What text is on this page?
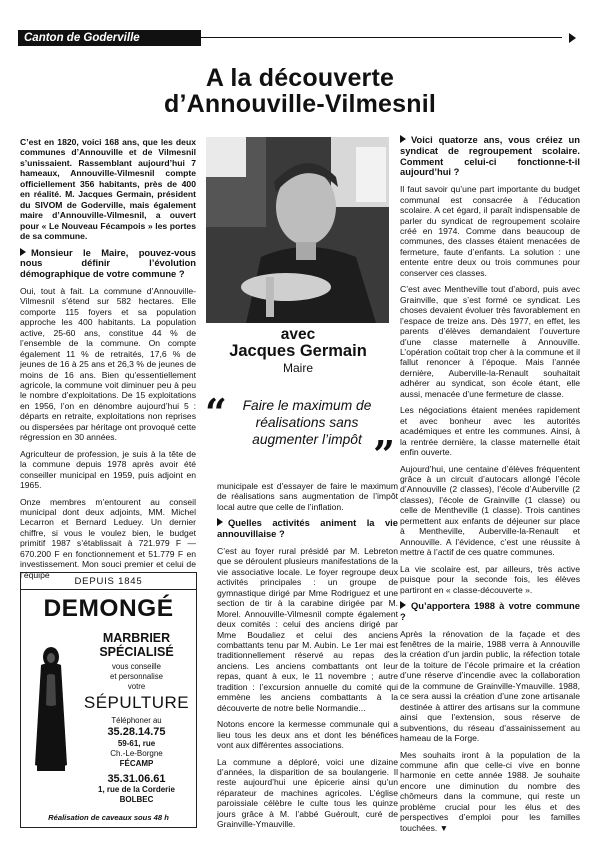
Canton de Goderville
A la découverte
d’Annouville-Vilmesnil

C’est en 1820, voici 168 ans, que les deux communes d’Annouville et de Vilmesnil s’unissaient. Rassemblant aujourd’hui 7 hameaux, Annouville-Vilmesnil compte officiellement 356 habitants, près de 400 en réalité. M. Jacques Germain, président du SIVOM de Goderville, mais également maire d’Annouville-Vilmesnil, a ouvert pour « Le Nouveau Fécampois » les portes de sa commune.

Monsieur le Maire, pouvez-vous nous définir l’évolution démographique de votre commune ?

Oui, tout à fait. La commune d’Annouville-Vilmesnil s’étend sur 582 hectares. Elle comporte 115 foyers et sa population approche les 400 habitants. La population active, 25-60 ans, constitue 44 % de l’ensemble de la commune. On compte également 11 % de retraités, 17,6 % de jeunes de 16 à 25 ans et 26,3 % de jeunes de moins de 16 ans. Bien qu’essentiellement agricole, la commune voit diminuer peu à peu le nombre d’exploitations. De 15 exploitations en 1956, l’on en dénombre aujourd’hui 5 : départs en retraite, exploitations non reprises ou dispersées par héritage ont provoqué cette régression en 30 années.

Agriculteur de profession, je suis à la tête de la commune depuis 1978 après avoir été conseiller municipal en 1959, puis adjoint en 1965.

Onze membres m’entourent au conseil municipal dont deux adjoints, MM. Michel Lecarron et Bernard Leduey. Un dernier chiffre, si vous le voulez bien, le budget primitif 1987 s’établissait à 721.979 F — 670.200 F en fonctionnement et 51.779 F en investissement. Mon souci premier et celui de l’équipe

avec
Jacques Germain
Maire
“	Faire le maximum de réalisations sans augmenter l’impôt ”

municipale est d’essayer de faire le maximum de réalisations sans augmentation de l’impôt local autre que celle de l’inflation.

Quelles activités animent la vie annouvillaise ?

C’est au foyer rural présidé par M. Lebreton que se déroulent plusieurs manifestations de la vie associative locale. Le foyer regroupe deux activités principales : un groupe de gymnastique dirigé par Mme Rodriguez et une section de tir à la carabine dirigée par M. Morel. Annouville-Vilmesnil compte également deux comités : celui des anciens dirigé par Mme Boudaliez et celui des anciens combattants tenu par M. Aubin. Le 1er mai est traditionnellement réservé au repas des anciens. Les anciens combattants ont leur repas, quant à eux, le 11 novembre ; autre tradition : l’excursion annuelle du comité qui emmène les anciens combattants à la découverte de notre belle Normandie...

Notons encore la kermesse communale qui a lieu tous les deux ans et dont les bénéfices vont aux différentes associations.

La commune a déploré, voici une dizaine d’années, la disparition de sa boulangerie. Il reste aujourd’hui une épicerie ainsi qu’un réparateur de machines agricoles. L’église paroissiale célèbre le culte tous les quinze jours grâce à M. l’abbé Guéroult, curé de Grainville-Ymauville.

Voici quatorze ans, vous créiez un syndicat de regroupement scolaire. Comment celui-ci fonctionne-t-il aujourd’hui ?

Il faut savoir qu’une part importante du budget communal est consacrée à l’éducation scolaire. A cet égard, il paraît indispensable de parler du syndicat de regroupement scolaire créé en 1974. Comme dans beaucoup de communes, des classes étaient menacées de fermeture, faute d’enfants. La solution : une entente entre deux ou trois communes pour conserver ces classes.

C’est avec Mentheville tout d’abord, puis avec Grainville, que s’est formé ce syndicat. Les choses devaient évoluer très favorablement en l’espace de treize ans. Dès 1977, en effet, les parents d’élèves demandaient l’ouverture d’une classe maternelle à Annouville. L’opération coûtait trop cher à la commune et il fallut renoncer à l’époque. Mais l’année dernière, Auberville-la-Renault souhaitait adhérer au syndicat, son école étant, elle aussi, menacée d’une fermeture de classe.

Les négociations étaient menées rapidement et avec bonheur avec les autorités académiques et entre les communes. Ainsi, à la rentrée dernière, la classe maternelle était enfin ouverte.

Aujourd’hui, une centaine d’élèves fréquentent grâce à un circuit d’autocars allongé l’école d’Annouville (2 classes), l’école d’Auberville (2 classes), l’école de Grainville (1 classe) ou celle de Mentheville (1 classe). Trois cantines permettent aux enfants de déjeuner sur place à Mentheville, Auberville-la-Renault et Annouville. A l’évidence, c’est une réussite à mettre à l’actif de ces quatre communes.

La vie scolaire est, par ailleurs, très active puisque pour la seconde fois, les élèves partiront en « classe-découverte ».

Qu’apportera 1988 à votre commune ?

Après la rénovation de la façade et des fenêtres de la mairie, 1988 verra à Annouville la création d’un jardin public, la réfection totale de la toiture de l’école primaire et la création d’une réserve d’incendie avec la collaboration de la commune de Grainville-Ymauville. 1988, ce sera aussi la création d’une zone artisanale destinée à attirer des artisans sur la commune ainsi que l’extension, sous réserve de subventions, du réseau d’assainissement au hameau de la Forge.

Mes souhaits iront à la population de la commune afin que celle-ci vive en bonne harmonie en cette année 1988. Je souhaite encore une diminution du nombre des chômeurs dans la commune, qui reste un problème crucial pour les élus et des perspectives d’emploi pour les familles touchées. ▼

DEPUIS 1845
DEMONGÉ
MARBRIER
SPÉCIALISÉ
vous conseille
et personnalise
votre
SÉPULTURE
Téléphoner au
35.28.14.75
59-61, rue
Ch.-Le-Borgne
FÉCAMP
35.31.06.61
1, rue de la Corderie
BOLBEC
Réalisation de caveaux sous 48 h
